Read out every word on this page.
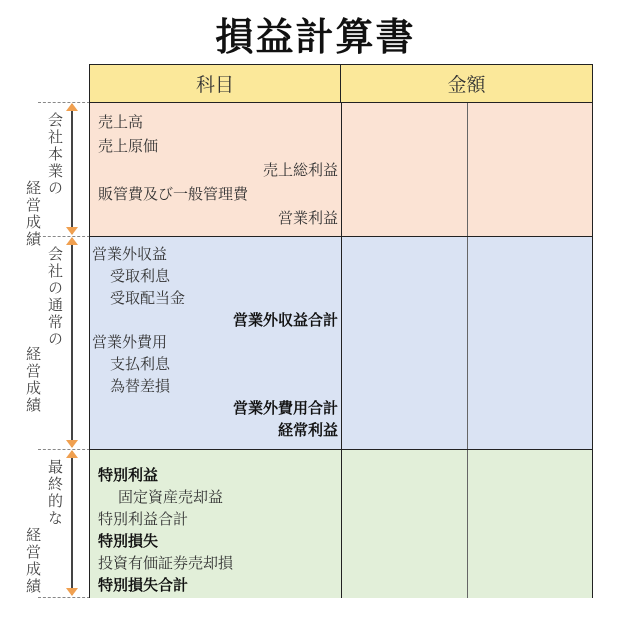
損益計算書
会社本業の
経営成績
会社の通常の
経営成績
最終的な
経営成績
科目	金額
売上高
売上原価
売上総利益
販管費及び一般管理費
営業利益
営業外収益
受取利息
受取配当金
営業外収益合計
営業外費用
支払利息
為替差損
営業外費用合計
経常利益
特別利益
固定資産売却益
特別利益合計
特別損失
投資有価証券売却損
特別損失合計
